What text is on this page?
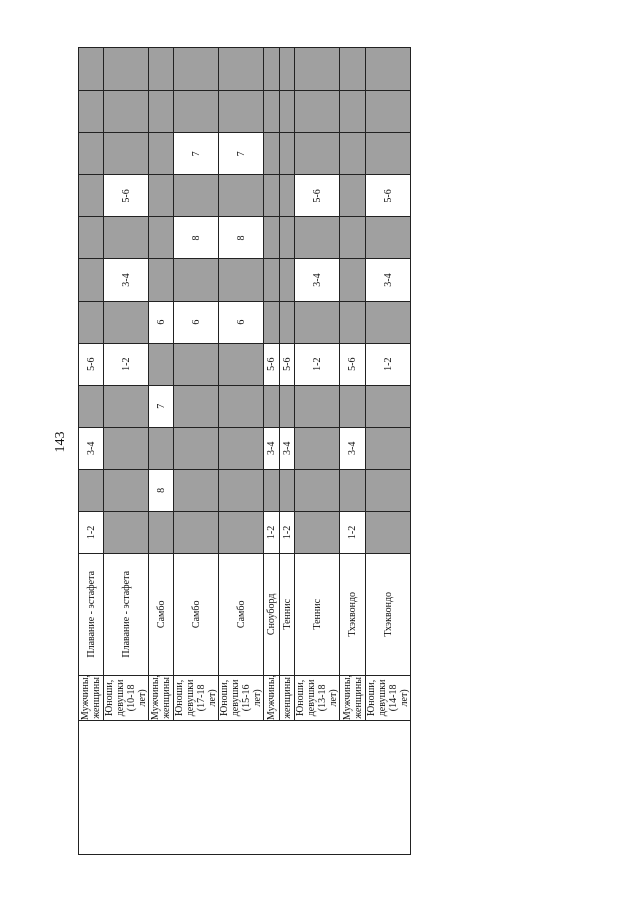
143
	Мужчины, женщины	Плавание - эстафета	1-2		3-4		5-6							
	Юноши, девушки (10-18 лет)	Плавание - эстафета					1-2		3-4		5-6			
	Мужчины, женщины	Самбо		8		7		6						
	Юноши, девушки (17-18 лет)	Самбо						6		8		7		
	Юноши, девушки (15-16 лет)	Самбо						6		8		7		
	Мужчины,	Сноуборд	1-2		3-4		5-6							
	женщины	Теннис	1-2		3-4		5-6							
	Юноши, девушки (13-18 лет)	Теннис					1-2		3-4		5-6			
	Мужчины, женщины	Тхэквондо	1-2		3-4		5-6							
	Юноши, девушки (14-18 лет)	Тхэквондо					1-2		3-4		5-6			
